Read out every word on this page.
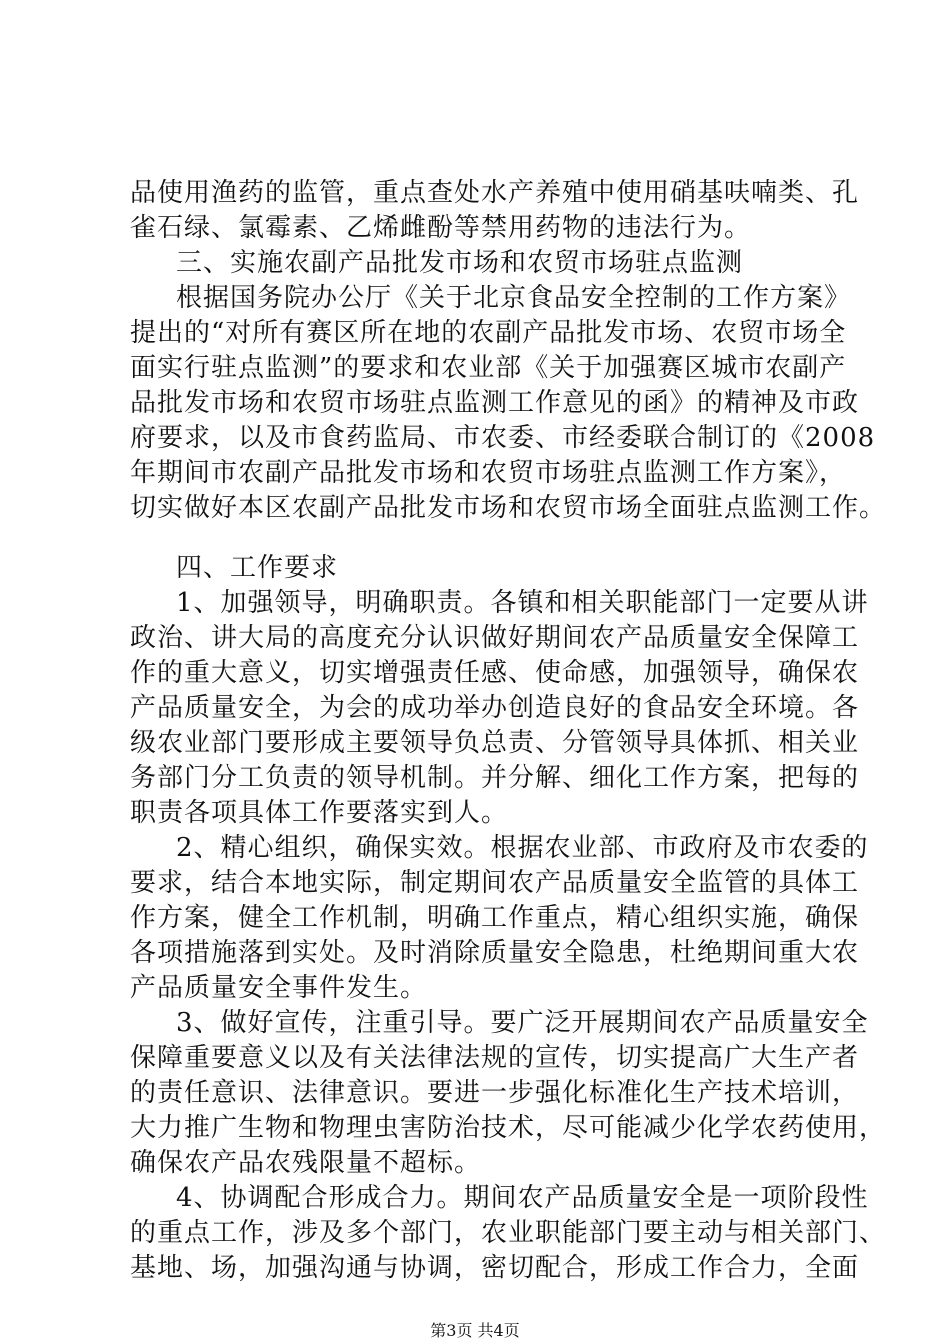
品使用渔药的监管，重点查处水产养殖中使用硝基呋喃类、孔
雀石绿、氯霉素、乙烯雌酚等禁用药物的违法行为。
三、实施农副产品批发市场和农贸市场驻点监测
根据国务院办公厅《关于北京食品安全控制的工作方案》
提出的“对所有赛区所在地的农副产品批发市场、农贸市场全
面实行驻点监测”的要求和农业部《关于加强赛区城市农副产
品批发市场和农贸市场驻点监测工作意见的函》的精神及市政
府要求，以及市食药监局、市农委、市经委联合制订的《2008
年期间市农副产品批发市场和农贸市场驻点监测工作方案》，
切实做好本区农副产品批发市场和农贸市场全面驻点监测工作。
四、工作要求
1、加强领导，明确职责。各镇和相关职能部门一定要从讲
政治、讲大局的高度充分认识做好期间农产品质量安全保障工
作的重大意义，切实增强责任感、使命感，加强领导，确保农
产品质量安全，为会的成功举办创造良好的食品安全环境。各
级农业部门要形成主要领导负总责、分管领导具体抓、相关业
务部门分工负责的领导机制。并分解、细化工作方案，把每的
职责各项具体工作要落实到人。
2、精心组织，确保实效。根据农业部、市政府及市农委的
要求，结合本地实际，制定期间农产品质量安全监管的具体工
作方案，健全工作机制，明确工作重点，精心组织实施，确保
各项措施落到实处。及时消除质量安全隐患，杜绝期间重大农
产品质量安全事件发生。
3、做好宣传，注重引导。要广泛开展期间农产品质量安全
保障重要意义以及有关法律法规的宣传，切实提高广大生产者
的责任意识、法律意识。要进一步强化标准化生产技术培训，
大力推广生物和物理虫害防治技术，尽可能减少化学农药使用，
确保农产品农残限量不超标。
4、协调配合形成合力。期间农产品质量安全是一项阶段性
的重点工作，涉及多个部门，农业职能部门要主动与相关部门、
基地、场，加强沟通与协调，密切配合，形成工作合力，全面
第3页 共4页
